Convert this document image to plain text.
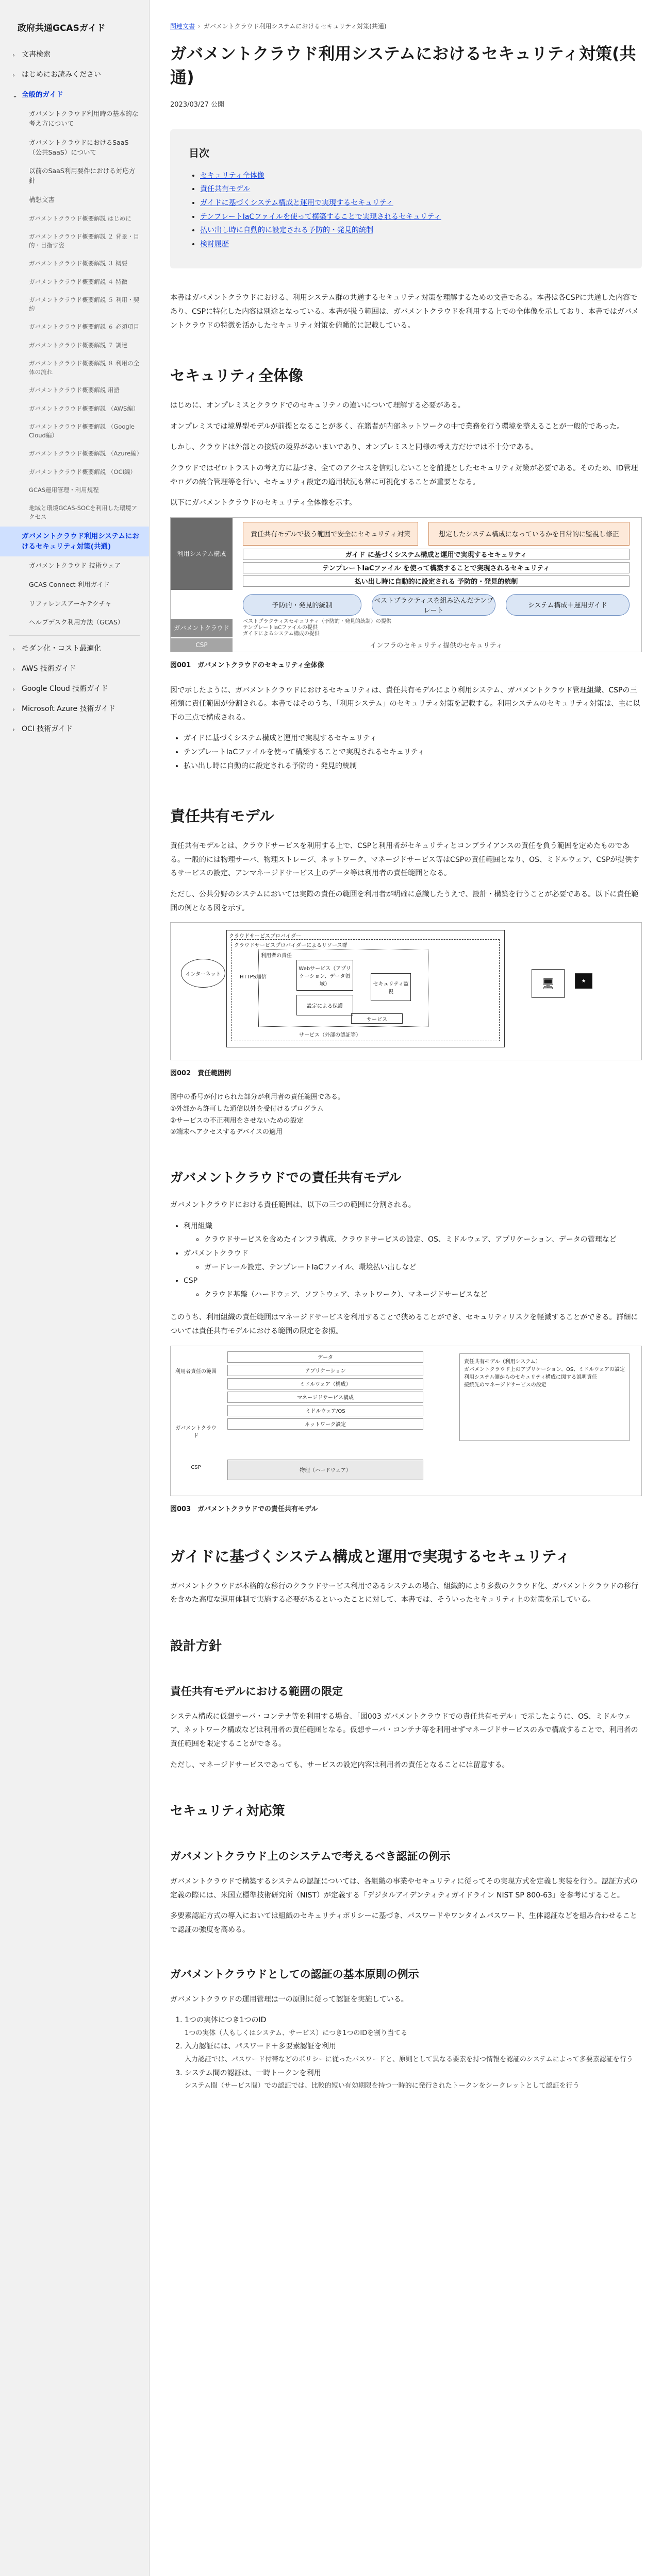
政府共通GCASガイド
› 文書検索
› はじめにお読みください
⌄ 全般的ガイド
ガバメントクラウド利用時の基本的な考え方について
ガバメントクラウドにおけるSaaS（公共SaaS）について
以前のSaaS利用要件における対応方針
構想文書
ガバメントクラウド概要解説 はじめに
ガバメントクラウド概要解説 ２ 背景・目的・目指す姿
ガバメントクラウド概要解説 ３ 概要
ガバメントクラウド概要解説 ４ 特徴
ガバメントクラウド概要解説 ５ 利用・契約
ガバメントクラウド概要解説 ６ 必須項目
ガバメントクラウド概要解説 ７ 調達
ガバメントクラウド概要解説 ８ 利用の全体の流れ
ガバメントクラウド概要解説 用語
ガバメントクラウド概要解説 （AWS編）
ガバメントクラウド概要解説 （Google Cloud編）
ガバメントクラウド概要解説 （Azure編）
ガバメントクラウド概要解説 （OCI編）
GCAS運用管理・利用規程
地域と環境GCAS-SOCを利用した環境アクセス
ガバメントクラウド利用システムにおけるセキュリティ対策(共通)
ガバメントクラウド 技術ウェア
GCAS Connect 利用ガイド
リファレンスアーキテクチャ
ヘルプデスク利用方法（GCAS）
› モダン化・コスト最適化
› AWS 技術ガイド
› Google Cloud 技術ガイド
› Microsoft Azure 技術ガイド
› OCI 技術ガイド
関連文書 › ガバメントクラウド利用システムにおけるセキュリティ対策(共通)
ガバメントクラウド利用システムにおけるセキュリティ対策(共通)
2023/03/27 公開
目次
• セキュリティ全体像
• 責任共有モデル
• ガイドに基づくシステム構成と運用で実現するセキュリティ
• テンプレートIaCファイルを使って構築することで実現されるセキュリティ
• 払い出し時に自動的に設定される予防的・発見的統制
• 検討履歴

本書はガバメントクラウドにおける、利用システム群の共通するセキュリティ対策を理解するための文書である。本書は各CSPに共通した内容であり、CSPに特化した内容は別途となっている。本書が扱う範囲は、ガバメントクラウドを利用する上での全体像を示しており、本書ではガバメントクラウドの特徴を活かしたセキュリティ対策を俯瞰的に記載している。

セキュリティ全体像

はじめに、オンプレミスとクラウドでのセキュリティの違いについて理解する必要がある。

オンプレミスでは境界型モデルが前提となることが多く、在籍者が内部ネットワークの中で業務を行う環境を整えることが一般的であった。

しかし、クラウドは外部との接続の境界があいまいであり、オンプレミスと同様の考え方だけでは不十分である。

クラウドではゼロトラストの考え方に基づき、全てのアクセスを信頼しないことを前提としたセキュリティ対策が必要である。そのため、ID管理やログの統合管理等を行い、セキュリティ設定の適用状況も常に可視化することが重要となる。

以下にガバメントクラウドのセキュリティ全体像を示す。

利用システム構成
責任共有モデルで扱う範囲で安全にセキュリティ対策	想定したシステム構成になっているかを日常的に監視し修正
ガイド に基づくシステム構成と運用で実現するセキュリティ
テンプレートIaCファイル を使って構築することで実現されるセキュリティ
払い出し時に自動的に設定される 予防的・発見的統制
予防的・発見的統制
ベストプラクティスを組み込んだテンプレート
システム構成＋運用ガイド
ガバメントクラウド
ベストプラクティスセキュリティ（予防的・発見的統制）の提供
テンプレートIaCファイルの提供
ガイドによるシステム構成の提供
CSP	インフラのセキュリティ提供のセキュリティ
図001　ガバメントクラウドのセキュリティ全体像

図で示したように、ガバメントクラウドにおけるセキュリティは、責任共有モデルにより利用システム、ガバメントクラウド管理組織、CSPの三種類に責任範囲が分割される。本書ではそのうち、「利用システム」のセキュリティ対策を記載する。利用システムのセキュリティ対策は、主に以下の三点で構成される。

• ガイドに基づくシステム構成と運用で実現するセキュリティ
• テンプレートIaCファイルを使って構築することで実現されるセキュリティ
• 払い出し時に自動的に設定される予防的・発見的統制
責任共有モデル

責任共有モデルとは、クラウドサービスを利用する上で、CSPと利用者がセキュリティとコンプライアンスの責任を負う範囲を定めたものである。一般的には物理サーバ、物理ストレージ、ネットワーク、マネージドサービス等はCSPの責任範囲となり、OS、ミドルウェア、CSPが提供するサービスの設定、アンマネージドサービス上のデータ等は利用者の責任範囲となる。

ただし、公共分野のシステムにおいては実際の責任の範囲を利用者が明確に意識したうえで、設計・構築を行うことが必要である。以下に責任範囲の例となる図を示す。

クラウドサービスプロバイダー
クラウドサービスプロバイダーによるリソース群
利用者の責任
インターネット	HTTPS通信
Webサービス（アプリケーション、データ領域）
設定による保護
セキュリティ監視
サービス（外部の認証等）
サービス
🖥	★
図002　責任範囲例

図中の番号が付けられた部分が利用者の責任範囲である。

①外部から許可した通信以外を受付けるプログラム

②サービスの不正利用をさせないための設定

③端末へアクセスするデバイスの適用

ガバメントクラウドでの責任共有モデル

ガバメントクラウドにおける責任範囲は、以下の三つの範囲に分割される。

• 利用組織
◦ クラウドサービスを含めたインフラ構成、クラウドサービスの設定、OS、ミドルウェア、アプリケーション、データの管理など
• ガバメントクラウド
◦ ガードレール設定、テンプレートIaCファイル、環境払い出しなど
• CSP
◦ クラウド基盤（ハードウェア、ソフトウェア、ネットワーク）、マネージドサービスなど

このうち、利用組織の責任範囲はマネージドサービスを利用することで狭めることができ、セキュリティリスクを軽減することができる。詳細については責任共有モデルにおける範囲の限定を参照。

利用者責任の範囲
ガバメントクラウド
CSP
データ
アプリケーション
ミドルウェア（構成）
マネージドサービス構成
ミドルウェア/OS
ネットワーク設定
物理（ハードウェア）
責任共有モデル（利用システム）
ガバメントクラウド上のアプリケーション、OS、ミドルウェアの設定
利用システム側からのセキュリティ構成に関する説明責任
接続先のマネージドサービスの設定
図003　ガバメントクラウドでの責任共有モデル
ガイドに基づくシステム構成と運用で実現するセキュリティ

ガバメントクラウドが本格的な移行のクラウドサービス利用であるシステムの場合、組織的により多数のクラウド化、ガバメントクラウドの移行を含めた高度な運用体制で実施する必要があるといったことに対して、本書では、そういったセキュリティ上の対策を示している。

設計方針
責任共有モデルにおける範囲の限定

システム構成に仮想サーバ・コンテナ等を利用する場合、「図003 ガバメントクラウドでの責任共有モデル」で示したように、OS、ミドルウェア、ネットワーク構成などは利用者の責任範囲となる。仮想サーバ・コンテナ等を利用せずマネージドサービスのみで構成することで、利用者の責任範囲を限定することができる。

ただし、マネージドサービスであっても、サービスの設定内容は利用者の責任となることには留意する。

セキュリティ対応策
ガバメントクラウド上のシステムで考えるべき認証の例示

ガバメントクラウドで構築するシステムの認証については、各組織の事業やセキュリティに従ってその実現方式を定義し実装を行う。認証方式の定義の際には、米国立標準技術研究所（NIST）が定義する「デジタルアイデンティティガイドライン NIST SP 800-63」を参考にすること。

多要素認証方式の導入においては組織のセキュリティポリシーに基づき、パスワードやワンタイムパスワード、生体認証などを組み合わせることで認証の強度を高める。

ガバメントクラウドとしての認証の基本原則の例示

ガバメントクラウドの運用管理は一の原則に従って認証を実施している。

1. 1つの実体につき1つのID
1つの実体（人もしくはシステム、サービス）につき1つのIDを割り当てる
2. 入力認証には、パスワード＋多要素認証を利用
入力認証では、パスワード付帯などのポリシーに従ったパスワードと、原則として異なる要素を持つ情報を認証のシステムによって多要素認証を行う
3. システム間の認証は、一時トークンを利用
システム間（サービス間）での認証では、比較的短い有効期限を持つ一時的に発行されたトークンをシークレットとして認証を行う
